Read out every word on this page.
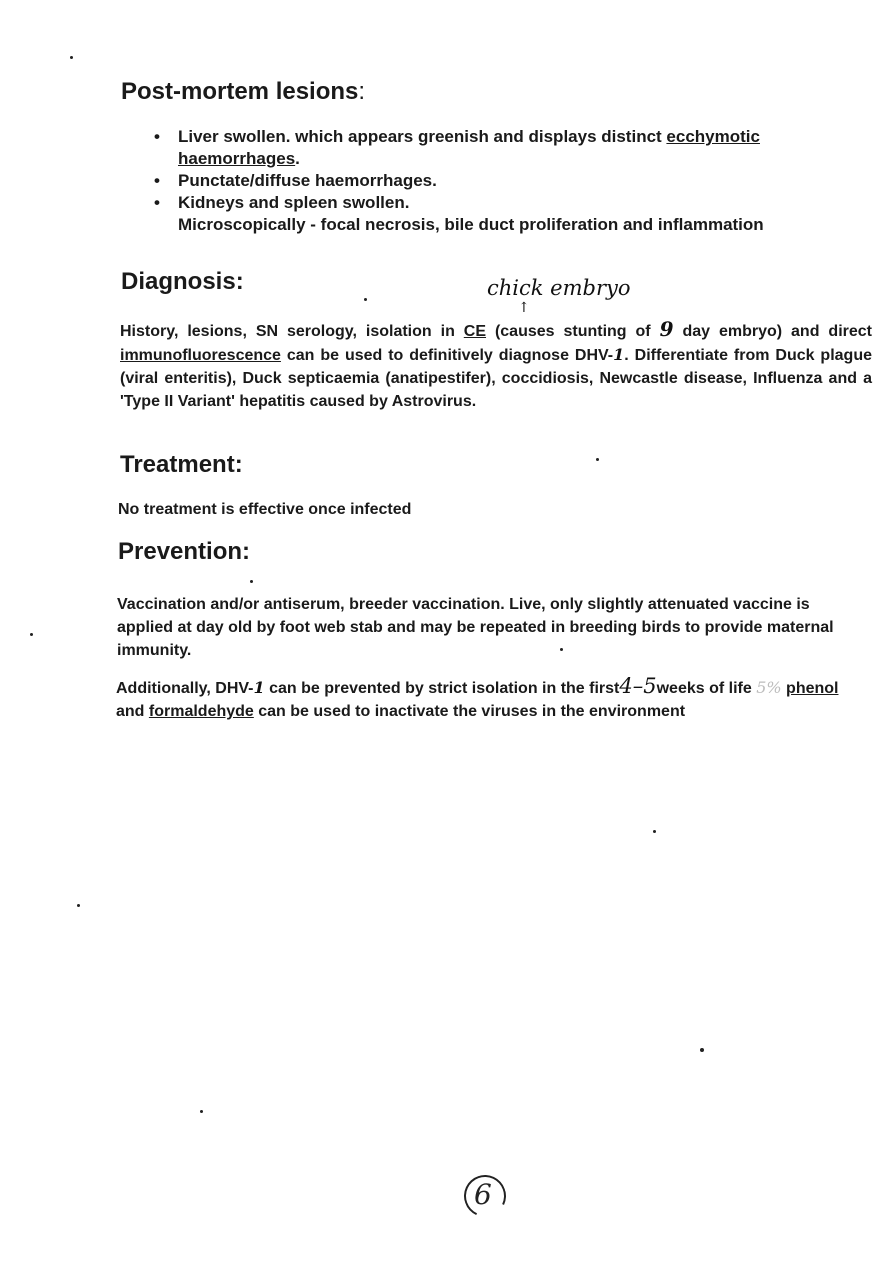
Post-mortem lesions:
• Liver swollen. which appears greenish and displays distinct ecchymotic haemorrhages.
• Punctate/diffuse haemorrhages.
• Kidneys and spleen swollen.
Microscopically - focal necrosis, bile duct proliferation and inflammation
Diagnosis:	chick embryo
↑

History, lesions, SN serology, isolation in CE (causes stunting of 9 day embryo) and direct immunofluorescence can be used to definitively diagnose DHV-1. Differentiate from Duck plague (viral enteritis), Duck septicaemia (anatipestifer), coccidiosis, Newcastle disease, Influenza and a 'Type II Variant' hepatitis caused by Astrovirus.

Treatment:

No treatment is effective once infected

Prevention:

Vaccination and/or antiserum, breeder vaccination. Live, only slightly attenuated vaccine is applied at day old by foot web stab and may be repeated in breeding birds to provide maternal immunity.

Additionally, DHV-1 can be prevented by strict isolation in the first4–5weeks of life 5% phenol and formaldehyde can be used to inactivate the viruses in the environment

6
